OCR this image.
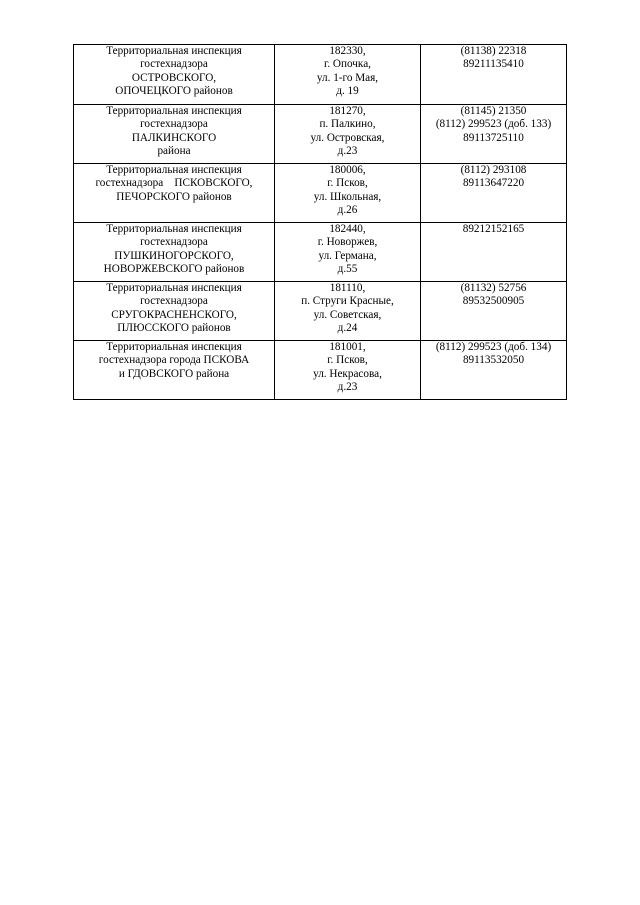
Территориальная инспекция
гостехнадзора
ОСТРОВСКОГО,
ОПОЧЕЦКОГО районов	182330,
г. Опочка,
ул. 1-го Мая,
д. 19	(81138) 22318
89211135410

Территориальная инспекция
гостехнадзора
ПАЛКИНСКОГО
района	181270,
п. Палкино,
ул. Островская,
д.23	(81145) 21350
(8112) 299523 (доб. 133)
89113725110

Территориальная инспекция
гостехнадзора    ПСКОВСКОГО,
ПЕЧОРСКОГО районов	180006,
г. Псков,
ул. Школьная,
д.26	(8112) 293108
89113647220

Территориальная инспекция
гостехнадзора
ПУШКИНОГОРСКОГО,
НОВОРЖЕВСКОГО районов	182440,
г. Новоржев,
ул. Германа,
д.55	89212152165

Территориальная инспекция
гостехнадзора
СРУГОКРАСНЕНСКОГО,
ПЛЮССКОГО районов	181110,
п. Струги Красные,
ул. Советская,
д.24	(81132) 52756
89532500905

Территориальная инспекция
гостехнадзора города ПСКОВА
и ГДОВСКОГО района	181001,
г. Псков,
ул. Некрасова,
д.23	(8112) 299523 (доб. 134)
89113532050
